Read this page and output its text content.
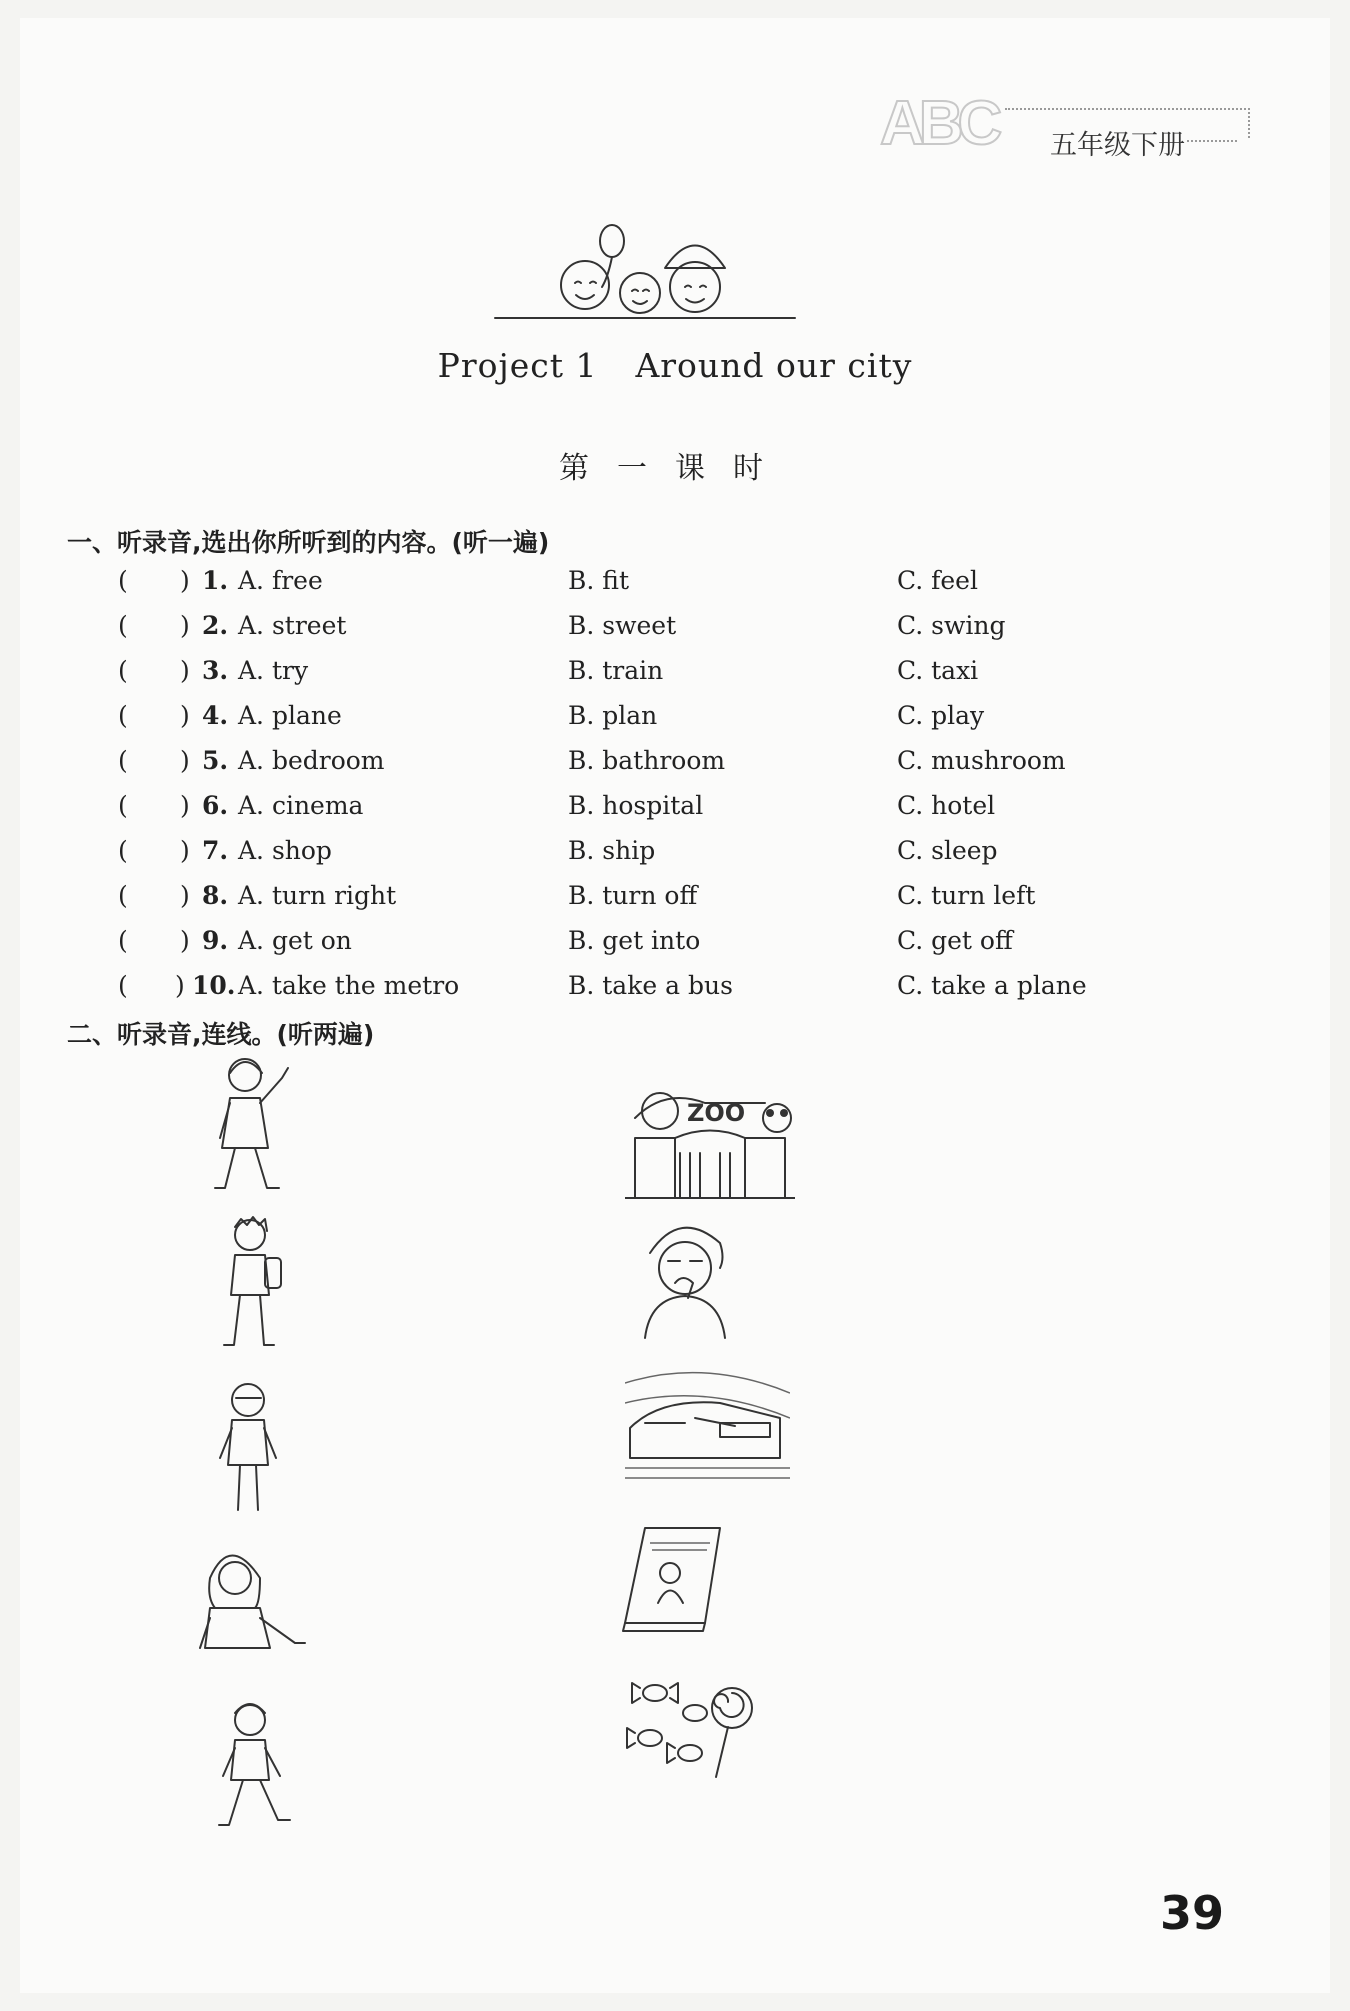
ABC 五年级下册
Project 1 Around our city
第一课时
一、听录音,选出你所听到的内容。(听一遍)
( ) 1. A. free	B. fit	C. feel
( ) 2. A. street	B. sweet	C. swing
( ) 3. A. try	B. train	C. taxi
( ) 4. A. plane	B. plan	C. play
( ) 5. A. bedroom	B. bathroom	C. mushroom
( ) 6. A. cinema	B. hospital	C. hotel
( ) 7. A. shop	B. ship	C. sleep
( ) 8. A. turn right	B. turn off	C. turn left
( ) 9. A. get on	B. get into	C. get off
( ) 10. A. take the metro	B. take a bus	C. take a plane
二、听录音,连线。(听两遍)
ZOO
39
